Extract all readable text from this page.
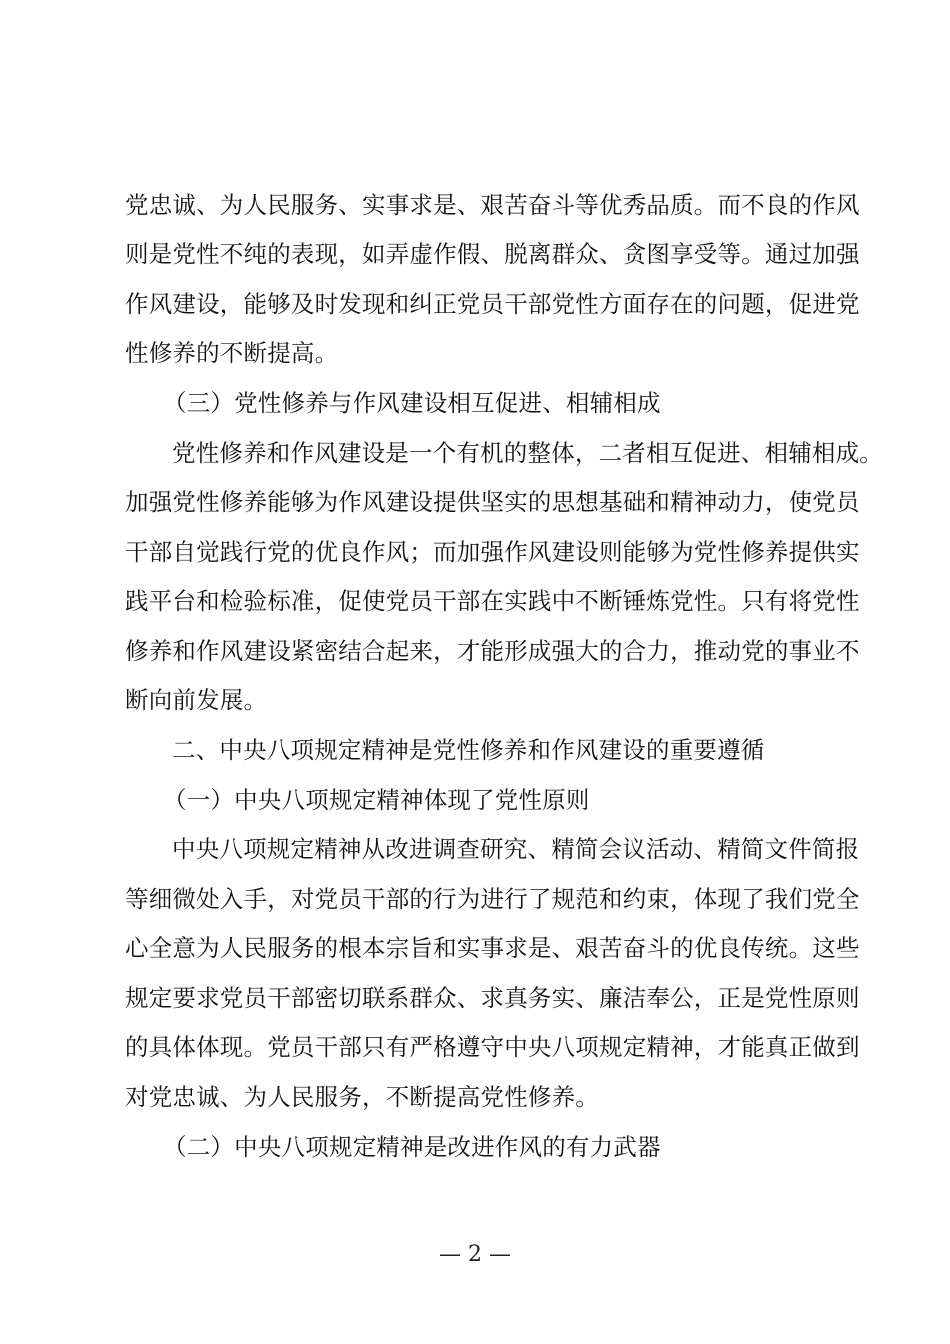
党忠诚、为人民服务、实事求是、艰苦奋斗等优秀品质。而不良的作风
则是党性不纯的表现，如弄虚作假、脱离群众、贪图享受等。通过加强
作风建设，能够及时发现和纠正党员干部党性方面存在的问题，促进党
性修养的不断提高。
（三）党性修养与作风建设相互促进、相辅相成
党性修养和作风建设是一个有机的整体，二者相互促进、相辅相成。
加强党性修养能够为作风建设提供坚实的思想基础和精神动力，使党员
干部自觉践行党的优良作风；而加强作风建设则能够为党性修养提供实
践平台和检验标准，促使党员干部在实践中不断锤炼党性。只有将党性
修养和作风建设紧密结合起来，才能形成强大的合力，推动党的事业不
断向前发展。
二、中央八项规定精神是党性修养和作风建设的重要遵循
（一）中央八项规定精神体现了党性原则
中央八项规定精神从改进调查研究、精简会议活动、精简文件简报
等细微处入手，对党员干部的行为进行了规范和约束，体现了我们党全
心全意为人民服务的根本宗旨和实事求是、艰苦奋斗的优良传统。这些
规定要求党员干部密切联系群众、求真务实、廉洁奉公，正是党性原则
的具体体现。党员干部只有严格遵守中央八项规定精神，才能真正做到
对党忠诚、为人民服务，不断提高党性修养。
（二）中央八项规定精神是改进作风的有力武器
— 2 —
